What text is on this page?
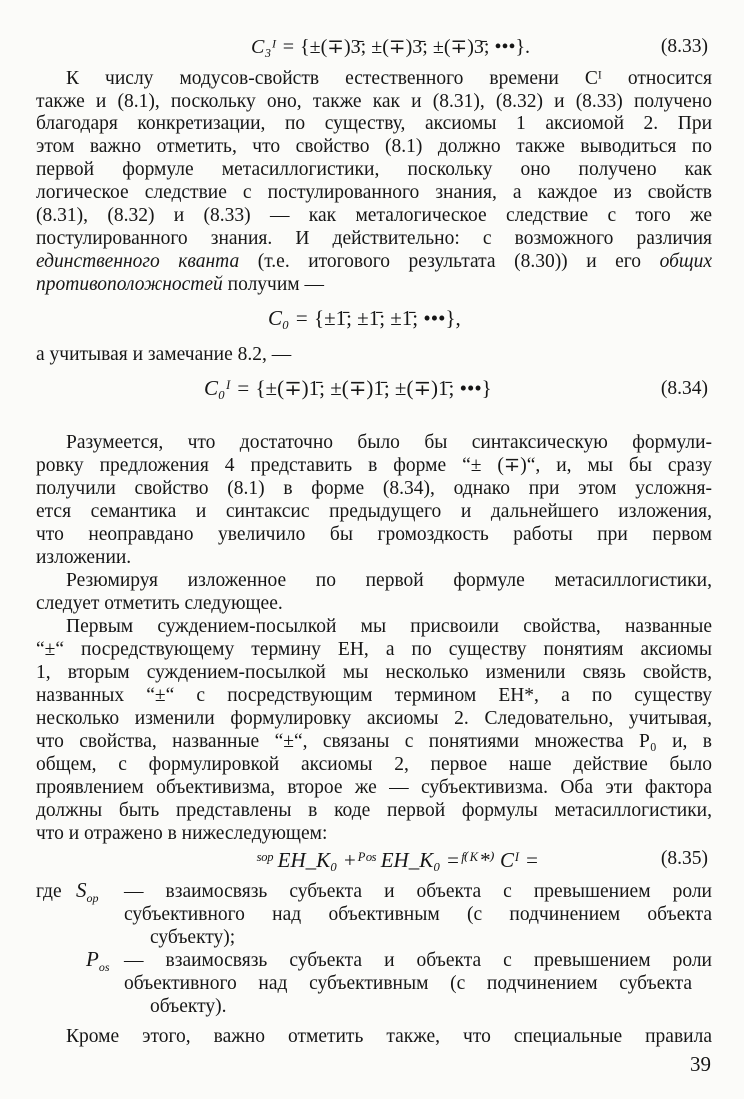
C₃ᴵ = {±(∓)3̄; ±(∓)3̄; ±(∓)3̄; •••}.	(8.33)
К числу модусов-свойств естественного времени Cᴵ относится
также и (8.1), поскольку оно, также как и (8.31), (8.32) и (8.33) получено
благодаря конкретизации, по существу, аксиомы 1 аксиомой 2. При
этом важно отметить, что свойство (8.1) должно также выводиться по
первой формуле метасиллогистики, поскольку оно получено как
логическое следствие с постулированного знания, а каждое из свойств
(8.31), (8.32) и (8.33) — как металогическое следствие с того же
постулированного знания. И действительно: с возможного различия
единственного кванта (т.е. итогового результата (8.30)) и его общих
противоположностей получим —
C₀ = {±1̄; ±1̄; ±1̄; •••},
а учитывая и замечание 8.2, —
C₀ᴵ = {±(∓)1̄; ±(∓)1̄; ±(∓)1̄; •••}	(8.34)
Разумеется, что достаточно было бы синтаксическую формули-
ровку предложения 4 представить в форме “± (∓)“, и, мы бы сразу
получили свойство (8.1) в форме (8.34), однако при этом усложня-
ется семантика и синтаксис предыдущего и дальнейшего изложения,
что неоправдано увеличило бы громоздкость работы при первом
изложении.
Резюмируя изложенное по первой формуле метасиллогистики,
следует отметить следующее.
Первым суждением-посылкой мы присвоили свойства, названные
“±“ посредствующему термину ЕН, а по существу понятиям аксиомы
1, вторым суждением-посылкой мы несколько изменили связь свойств,
названных “±“ с посредствующим термином ЕН*, а по существу
несколько изменили формулировку аксиомы 2. Следовательно, учитывая,
что свойства, названные “±“, связаны с понятиями множества P₀ и, в
общем, с формулировкой аксиомы 2, первое наше действие было
проявлением объективизма, второе же — субъективизма. Оба эти фактора
должны быть представлены в коде первой формулы метасиллогистики,
что и отражено в нижеследующем:
ˢᵒᵖ EH_K₀ +ᴾᵒˢ EH_K₀ =ᶠ⁽ᴷ*⁾ Cᴵ =	(8.35)
где $S_{op}$ — взаимосвязь субъекта и объекта с превышением роли
субъективного над объективным (с подчинением объекта
субъекту);
$P_{os}$ — взаимосвязь субъекта и объекта с превышением роли
объективного над субъективным (с подчинением субъекта
объекту).
Кроме этого, важно отметить также, что специальные правила
39
